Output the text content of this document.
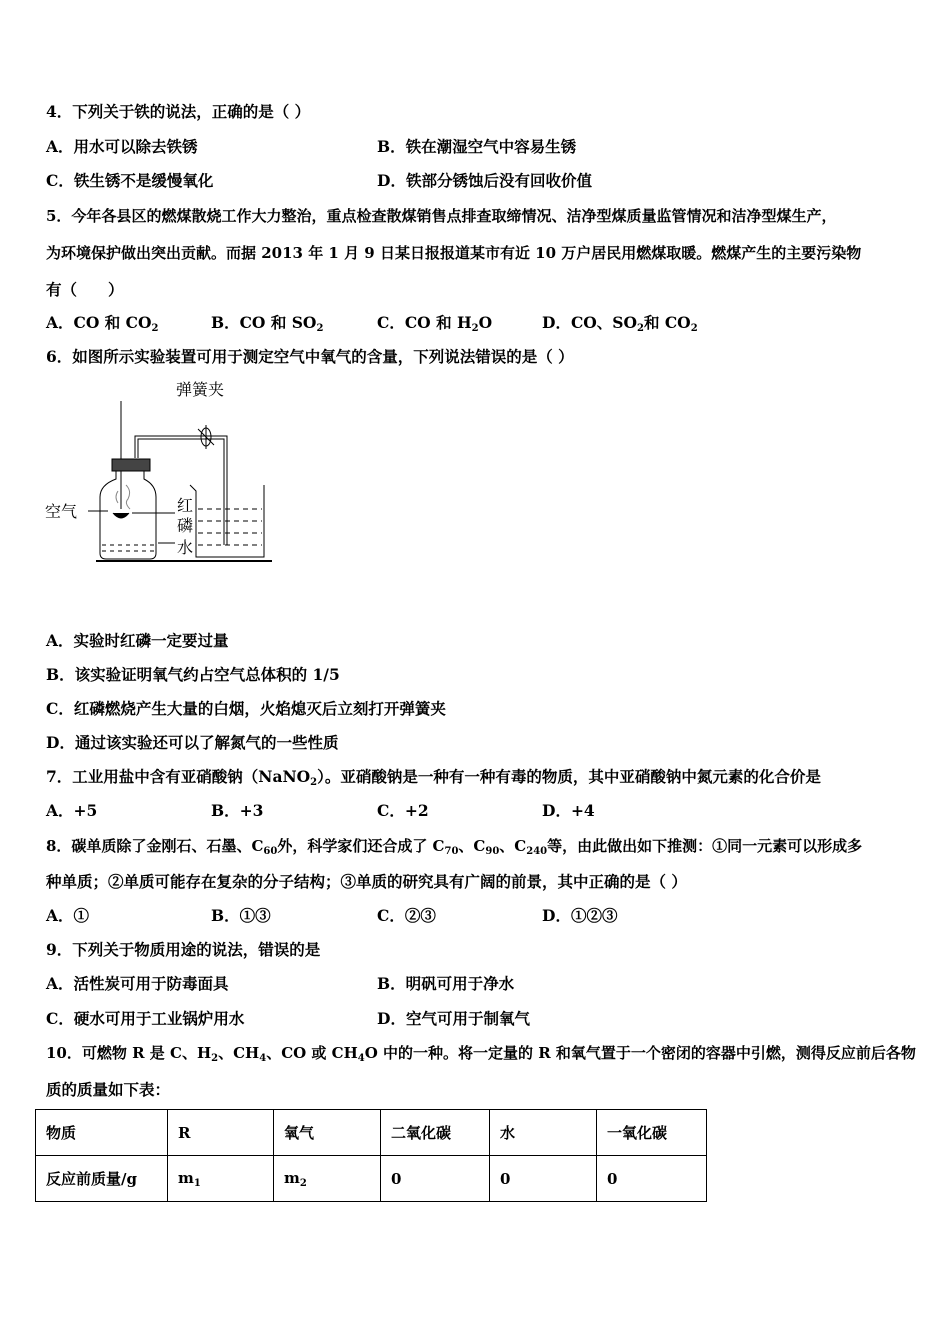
4．下列关于铁的说法，正确的是（ ）
A．用水可以除去铁锈	B．铁在潮湿空气中容易生锈
C．铁生锈不是缓慢氧化	D．铁部分锈蚀后没有回收价值
5．今年各县区的燃煤散烧工作大力整治，重点检查散煤销售点排查取缔情况、洁净型煤质量监管情况和洁净型煤生产，
为环境保护做出突出贡献。而据 2013 年 1 月 9 日某日报报道某市有近 10 万户居民用燃煤取暖。燃煤产生的主要污染物
有（　　）
A．CO 和 $CO_2$	B．CO 和 $SO_2$	C．CO 和 $H_2O$	D．CO、$SO_2$和 $CO_2$
6．如图所示实验装置可用于测定空气中氧气的含量，下列说法错误的是（ ）
弹簧夹
空气	红
磷
水
A．实验时红磷一定要过量
B．该实验证明氧气约占空气总体积的 1/5
C．红磷燃烧产生大量的白烟，火焰熄灭后立刻打开弹簧夹
D．通过该实验还可以了解氮气的一些性质
7．工业用盐中含有亚硝酸钠（NaNO$_2$）。亚硝酸钠是一种有一种有毒的物质，其中亚硝酸钠中氮元素的化合价是
A．+5	B．+3	C．+2	D．+4
8．碳单质除了金刚石、石墨、$C_{60}$外，科学家们还合成了 $C_{70}$、$C_{90}$、$C_{240}$等，由此做出如下推测：①同一元素可以形成多
种单质；②单质可能存在复杂的分子结构；③单质的研究具有广阔的前景，其中正确的是（ ）
A．①	B．①③	C．②③	D．①②③
9．下列关于物质用途的说法，错误的是
A．活性炭可用于防毒面具	B．明矾可用于净水
C．硬水可用于工业锅炉用水	D．空气可用于制氧气
10．可燃物 R 是 C、$H_2$、$CH_4$、CO 或 $CH_4O$ 中的一种。将一定量的 R 和氧气置于一个密闭的容器中引燃，测得反应前后各物
质的质量如下表：
物质	R	氧气	二氧化碳	水	一氧化碳
反应前质量/g	$m_1$	$m_2$	0	0	0
